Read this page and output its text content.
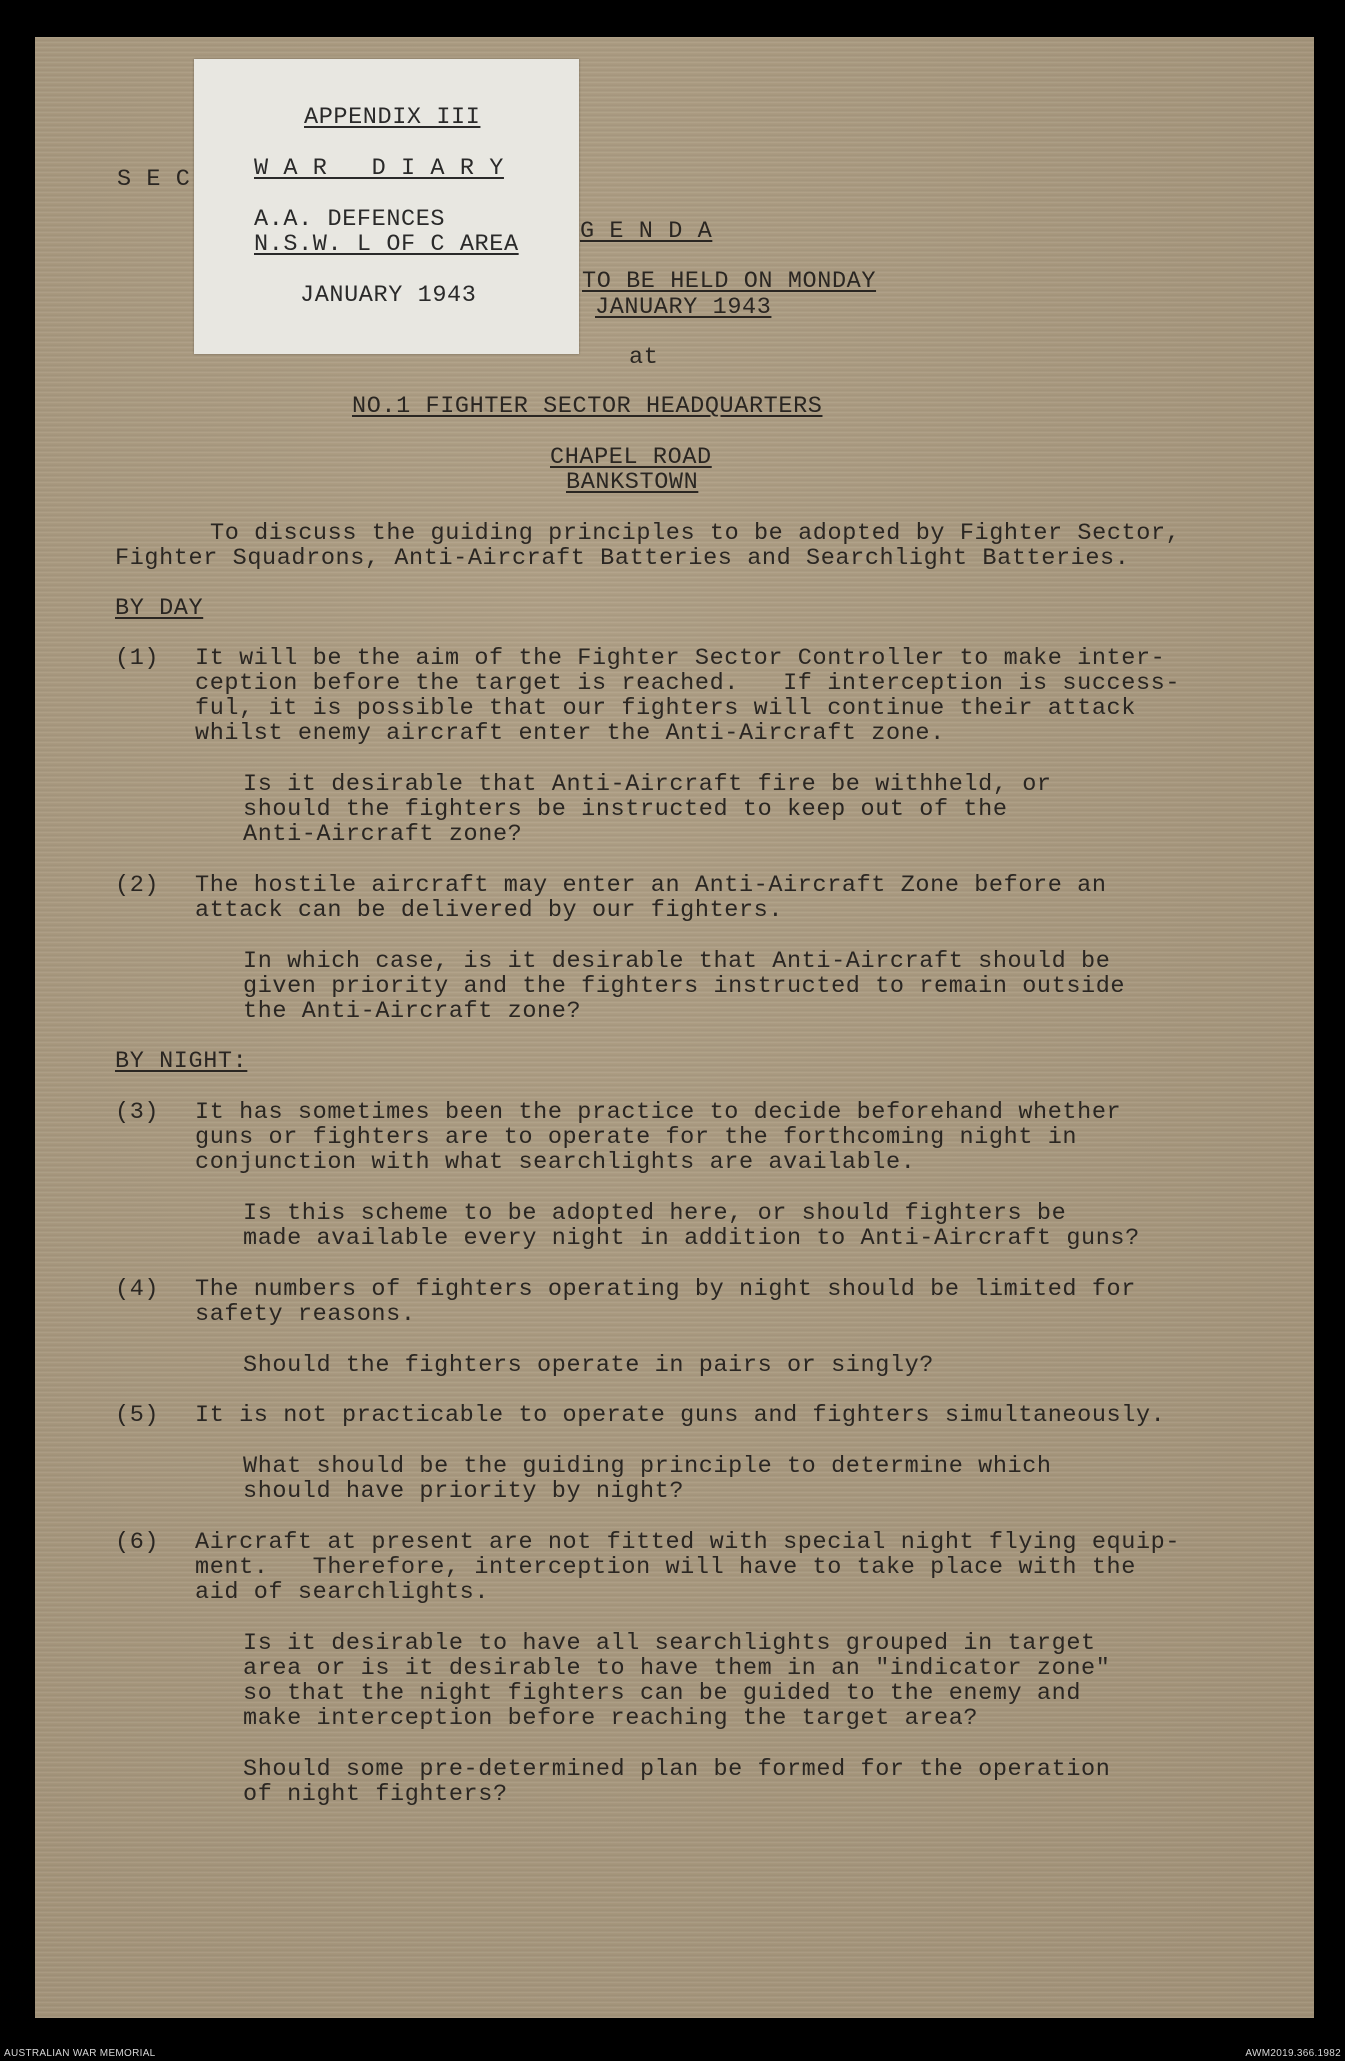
S E C
G E N D A
TO BE HELD ON MONDAY
JANUARY 1943
at
NO.1 FIGHTER SECTOR HEADQUARTERS
CHAPEL ROAD
BANKSTOWN
To discuss the guiding principles to be adopted by Fighter Sector,
Fighter Squadrons, Anti-Aircraft Batteries and Searchlight Batteries.
BY DAY
(1) It will be the aim of the Fighter Sector Controller to make inter-
ception before the target is reached.   If interception is success-
ful, it is possible that our fighters will continue their attack
whilst enemy aircraft enter the Anti-Aircraft zone.
Is it desirable that Anti-Aircraft fire be withheld, or
should the fighters be instructed to keep out of the
Anti-Aircraft zone?
(2) The hostile aircraft may enter an Anti-Aircraft Zone before an
attack can be delivered by our fighters.
In which case, is it desirable that Anti-Aircraft should be
given priority and the fighters instructed to remain outside
the Anti-Aircraft zone?
BY NIGHT:
(3) It has sometimes been the practice to decide beforehand whether
guns or fighters are to operate for the forthcoming night in
conjunction with what searchlights are available.
Is this scheme to be adopted here, or should fighters be
made available every night in addition to Anti-Aircraft guns?
(4) The numbers of fighters operating by night should be limited for
safety reasons.
Should the fighters operate in pairs or singly?
(5) It is not practicable to operate guns and fighters simultaneously.
What should be the guiding principle to determine which
should have priority by night?
(6) Aircraft at present are not fitted with special night flying equip-
ment.   Therefore, interception will have to take place with the
aid of searchlights.
Is it desirable to have all searchlights grouped in target
area or is it desirable to have them in an "indicator zone"
so that the night fighters can be guided to the enemy and
make interception before reaching the target area?
Should some pre-determined plan be formed for the operation
of night fighters?
APPENDIX III
W A R   D I A R Y
A.A. DEFENCES
N.S.W. L OF C AREA
JANUARY 1943
AUSTRALIAN WAR MEMORIAL	AWM2019.366.1982
